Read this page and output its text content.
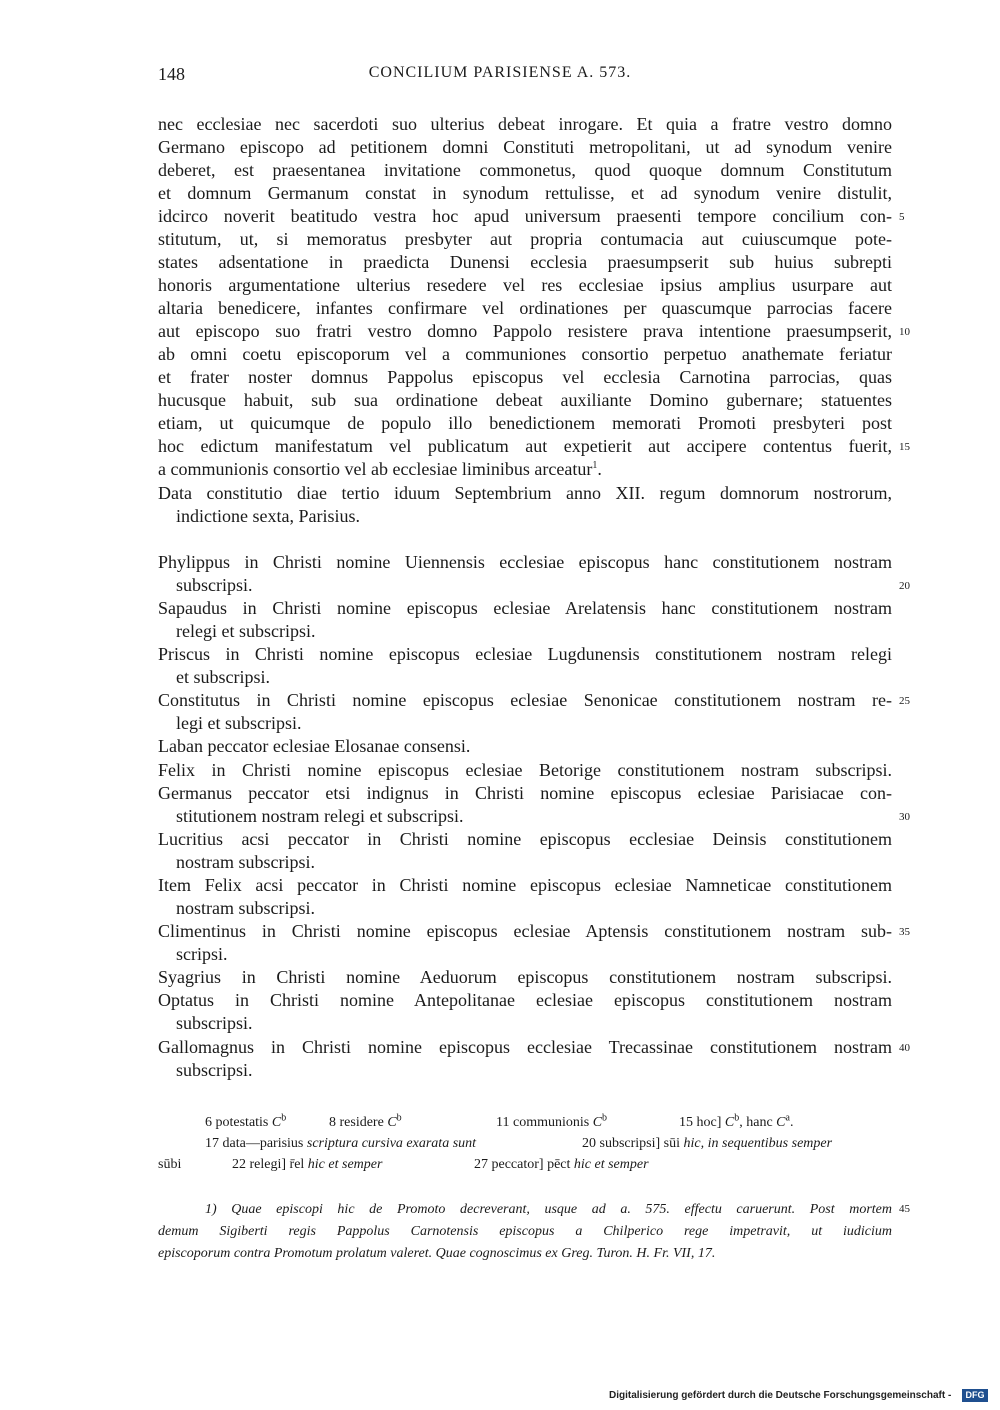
148	CONCILIUM PARISIENSE A. 573.
nec ecclesiae nec sacerdoti suo ulterius debeat inrogare. Et quia a fratre vestro domno
Germano episcopo ad petitionem domni Constituti metropolitani, ut ad synodum venire
deberet, est praesentanea invitatione commonetus, quod quoque domnum Constitutum
et domnum Germanum constat in synodum rettulisse, et ad synodum venire distulit,
idcirco noverit beatitudo vestra hoc apud universum praesenti tempore concilium con-
stitutum, ut, si memoratus presbyter aut propria contumacia aut cuiuscumque pote-
states adsentatione in praedicta Dunensi ecclesia praesumpserit sub huius subrepti
honoris argumentatione ulterius resedere vel res ecclesiae ipsius amplius usurpare aut
altaria benedicere, infantes confirmare vel ordinationes per quascumque parrocias facere
aut episcopo suo fratri vestro domno Pappolo resistere prava intentione praesumpserit,
ab omni coetu episcoporum vel a communiones consortio perpetuo anathemate feriatur
et frater noster domnus Pappolus episcopus vel ecclesia Carnotina parrocias, quas
hucusque habuit, sub sua ordinatione debeat auxiliante Domino gubernare; statuentes
etiam, ut quicumque de populo illo benedictionem memorati Promoti presbyteri post
hoc edictum manifestatum vel publicatum aut expetierit aut accipere contentus fuerit,
a communionis consortio vel ab ecclesiae liminibus arceatur$^1$.
Data constitutio diae tertio iduum Septembrium anno XII. regum domnorum nostrorum,
indictione sexta, Parisius.
Phylippus in Christi nomine Uiennensis ecclesiae episcopus hanc constitutionem nostram
subscripsi.
Sapaudus in Christi nomine episcopus eclesiae Arelatensis hanc constitutionem nostram
relegi et subscripsi.
Priscus in Christi nomine episcopus eclesiae Lugdunensis constitutionem nostram relegi
et subscripsi.
Constitutus in Christi nomine episcopus eclesiae Senonicae constitutionem nostram re-
legi et subscripsi.
Laban peccator eclesiae Elosanae consensi.
Felix in Christi nomine episcopus eclesiae Betorige constitutionem nostram subscripsi.
Germanus peccator etsi indignus in Christi nomine episcopus eclesiae Parisiacae con-
stitutionem nostram relegi et subscripsi.
Lucritius acsi peccator in Christi nomine episcopus ecclesiae Deinsis constitutionem
nostram subscripsi.
Item Felix acsi peccator in Christi nomine episcopus eclesiae Namneticae constitutionem
nostram subscripsi.
Climentinus in Christi nomine episcopus eclesiae Aptensis constitutionem nostram sub-
scripsi.
Syagrius in Christi nomine Aeduorum episcopus constitutionem nostram subscripsi.
Optatus in Christi nomine Antepolitanae eclesiae episcopus constitutionem nostram
subscripsi.
Gallomagnus in Christi nomine episcopus ecclesiae Trecassinae constitutionem nostram
subscripsi.
5
10
15
20
25
30
35
40
45
6 potestatis $C^b$	8 residere $C^b$	11 communionis $C^b$	15 hoc] $C^b$, hanc $C^a$.
17 data—parisius scriptura cursiva exarata sunt	20 subscripsi] sūi hic, in sequentibus semper
sūbi	22 relegi] r̄el hic et semper	27 peccator] pēct hic et semper
1) Quae episcopi hic de Promoto decreverant, usque ad a. 575. effectu caruerunt. Post mortem
demum Sigiberti regis Pappolus Carnotensis episcopus a Chilperico rege impetravit, ut iudicium
episcoporum contra Promotum prolatum valeret. Quae cognoscimus ex Greg. Turon. H. Fr. VII, 17.
Digitalisierung gefördert durch die Deutsche Forschungsgemeinschaft -	DFG
